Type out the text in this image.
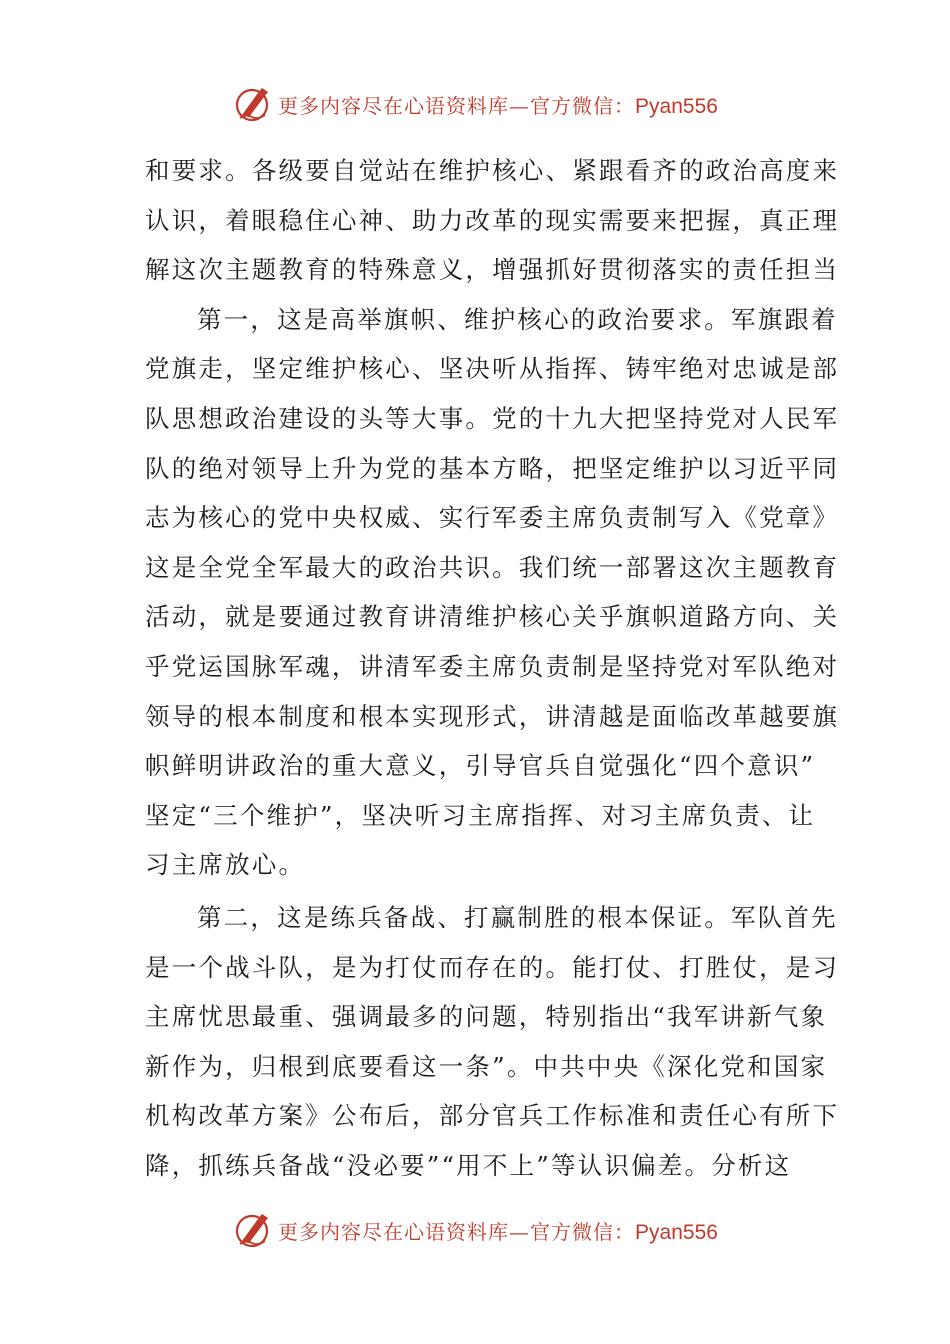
更多内容尽在心语资料库—官方微信：Pyan556
和要求。各级要自觉站在维护核心、紧跟看齐的政治高度来
认识，着眼稳住心神、助力改革的现实需要来把握，真正理
解这次主题教育的特殊意义，增强抓好贯彻落实的责任担当
第一，这是高举旗帜、维护核心的政治要求。军旗跟着
党旗走，坚定维护核心、坚决听从指挥、铸牢绝对忠诚是部
队思想政治建设的头等大事。党的十九大把坚持党对人民军
队的绝对领导上升为党的基本方略，把坚定维护以习近平同
志为核心的党中央权威、实行军委主席负责制写入《党章》
这是全党全军最大的政治共识。我们统一部署这次主题教育
活动，就是要通过教育讲清维护核心关乎旗帜道路方向、关
乎党运国脉军魂，讲清军委主席负责制是坚持党对军队绝对
领导的根本制度和根本实现形式，讲清越是面临改革越要旗
帜鲜明讲政治的重大意义，引导官兵自觉强化“四个意识”
坚定“三个维护”，坚决听习主席指挥、对习主席负责、让
习主席放心。
第二，这是练兵备战、打赢制胜的根本保证。军队首先
是一个战斗队，是为打仗而存在的。能打仗、打胜仗，是习
主席忧思最重、强调最多的问题，特别指出“我军讲新气象
新作为，归根到底要看这一条”。中共中央《深化党和国家
机构改革方案》公布后，部分官兵工作标准和责任心有所下
降，抓练兵备战“没必要”“用不上”等认识偏差。分析这
更多内容尽在心语资料库—官方微信：Pyan556
